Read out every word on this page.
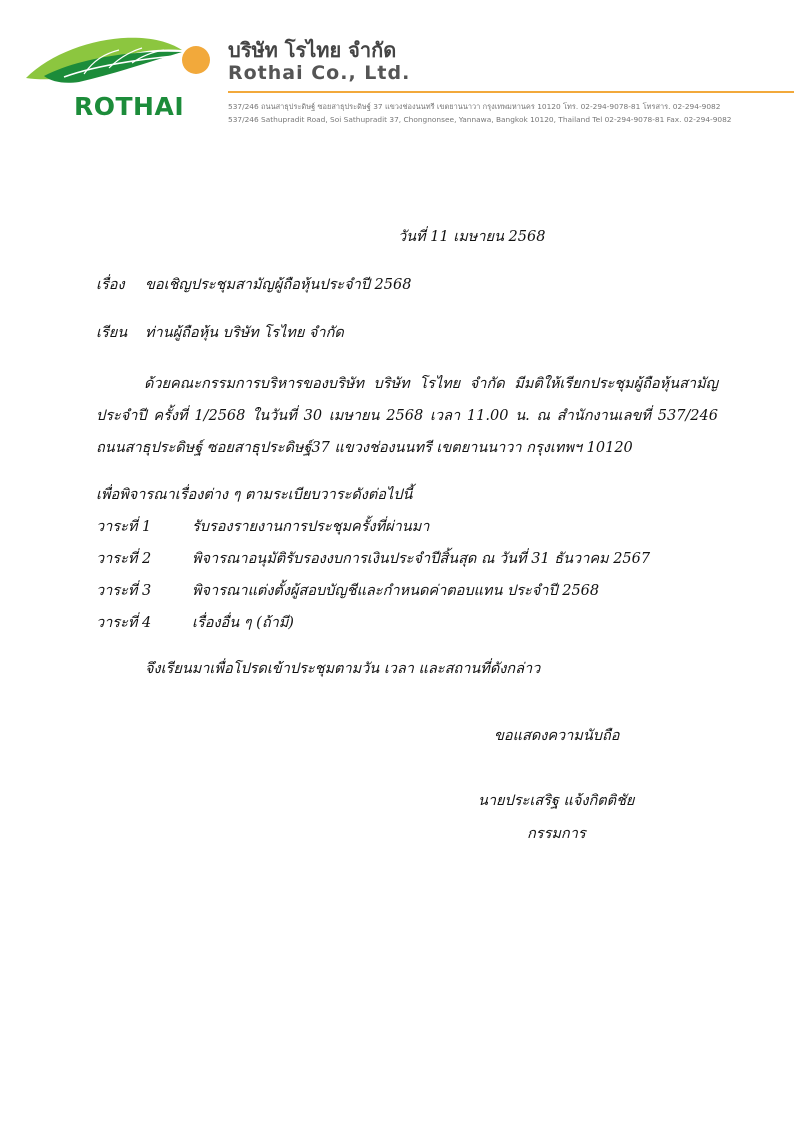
ROTHAI
บริษัท โรไทย จำกัด
Rothai Co., Ltd.
537/246 ถนนสาธุประดิษฐ์ ซอยสาธุประดิษฐ์ 37 แขวงช่องนนทรี เขตยานนาวา กรุงเทพมหานคร 10120 โทร. 02-294-9078-81 โทรสาร. 02-294-9082
537/246 Sathupradit Road, Soi Sathupradit 37, Chongnonsee, Yannawa, Bangkok 10120, Thailand Tel 02-294-9078-81 Fax. 02-294-9082
วันที่ 11 เมษายน 2568
เรื่อง ขอเชิญประชุมสามัญผู้ถือหุ้นประจำปี 2568
เรียน ท่านผู้ถือหุ้น บริษัท โรไทย จำกัด
ด้วยคณะกรรมการบริหารของบริษัท บริษัท โรไทย จำกัด มีมติให้เรียกประชุมผู้ถือหุ้นสามัญประจำปี ครั้งที่ 1/2568 ในวันที่ 30 เมษายน 2568 เวลา 11.00 น. ณ สำนักงานเลขที่ 537/246 ถนนสาธุประดิษฐ์ ซอยสาธุประดิษฐ์37 แขวงช่องนนทรี เขตยานนาวา กรุงเทพฯ 10120
เพื่อพิจารณาเรื่องต่าง ๆ ตามระเบียบวาระดังต่อไปนี้
วาระที่ 1	รับรองรายงานการประชุมครั้งที่ผ่านมา
วาระที่ 2	พิจารณาอนุมัติรับรองงบการเงินประจำปีสิ้นสุด ณ วันที่ 31 ธันวาคม 2567
วาระที่ 3	พิจารณาแต่งตั้งผู้สอบบัญชีและกำหนดค่าตอบแทน ประจำปี 2568
วาระที่ 4	เรื่องอื่น ๆ (ถ้ามี)
จึงเรียนมาเพื่อโปรดเข้าประชุมตามวัน เวลา และสถานที่ดังกล่าว
ขอแสดงความนับถือ
นายประเสริฐ แจ้งกิตติชัย
กรรมการ
